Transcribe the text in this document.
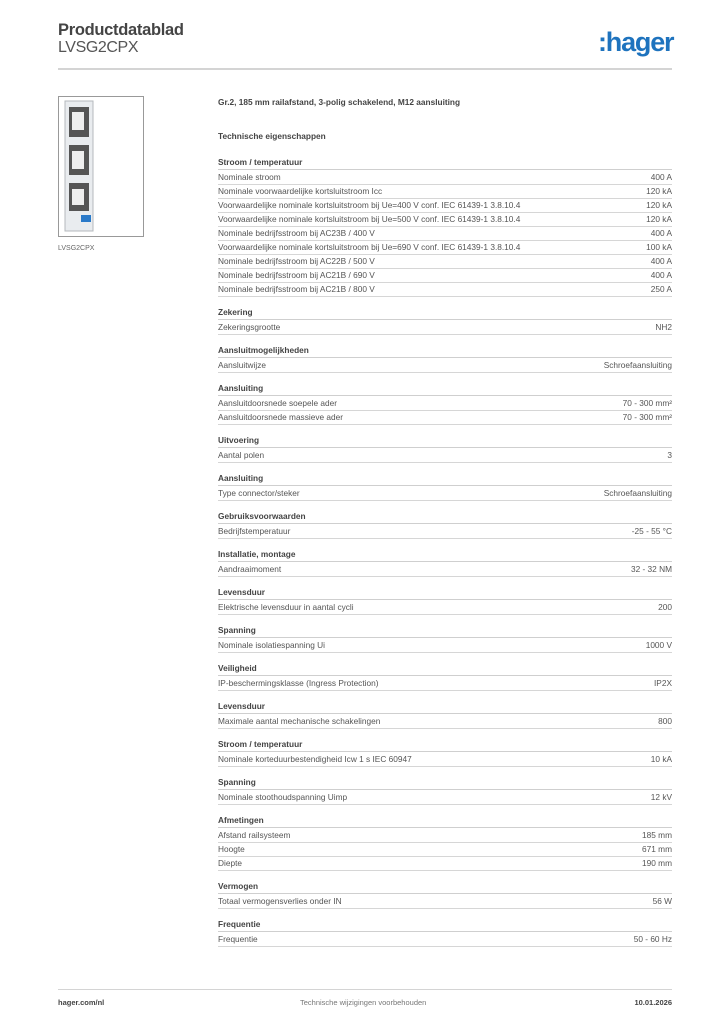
Productdatablad
LVSG2CPX	:hager
LVSG2CPX
Gr.2, 185 mm railafstand, 3-polig schakelend, M12 aansluiting
Technische eigenschappen
Stroom / temperatuur
Nominale stroom	400 A
Nominale voorwaardelijke kortsluitstroom Icc	120 kA
Voorwaardelijke nominale kortsluitstroom bij Ue=400 V conf. IEC 61439-1 3.8.10.4	120 kA
Voorwaardelijke nominale kortsluitstroom bij Ue=500 V conf. IEC 61439-1 3.8.10.4	120 kA
Nominale bedrijfsstroom bij AC23B / 400 V	400 A
Voorwaardelijke nominale kortsluitstroom bij Ue=690 V conf. IEC 61439-1 3.8.10.4	100 kA
Nominale bedrijfsstroom bij AC22B / 500 V	400 A
Nominale bedrijfsstroom bij AC21B / 690 V	400 A
Nominale bedrijfsstroom bij AC21B / 800 V	250 A
Zekering
Zekeringsgrootte	NH2
Aansluitmogelijkheden
Aansluitwijze	Schroefaansluiting
Aansluiting
Aansluitdoorsnede soepele ader	70 - 300 mm²
Aansluitdoorsnede massieve ader	70 - 300 mm²
Uitvoering
Aantal polen	3
Aansluiting
Type connector/steker	Schroefaansluiting
Gebruiksvoorwaarden
Bedrijfstemperatuur	-25 - 55 °C
Installatie, montage
Aandraaimoment	32 - 32 NM
Levensduur
Elektrische levensduur in aantal cycli	200
Spanning
Nominale isolatiespanning Ui	1000 V
Veiligheid
IP-beschermingsklasse (Ingress Protection)	IP2X
Levensduur
Maximale aantal mechanische schakelingen	800
Stroom / temperatuur
Nominale korteduurbestendigheid Icw 1 s IEC 60947	10 kA
Spanning
Nominale stoothoudspanning Uimp	12 kV
Afmetingen
Afstand railsysteem	185 mm
Hoogte	671 mm
Diepte	190 mm
Vermogen
Totaal vermogensverlies onder IN	56 W
Frequentie
Frequentie	50 - 60 Hz
hager.com/nl	Technische wijzigingen voorbehouden	10.01.2026
